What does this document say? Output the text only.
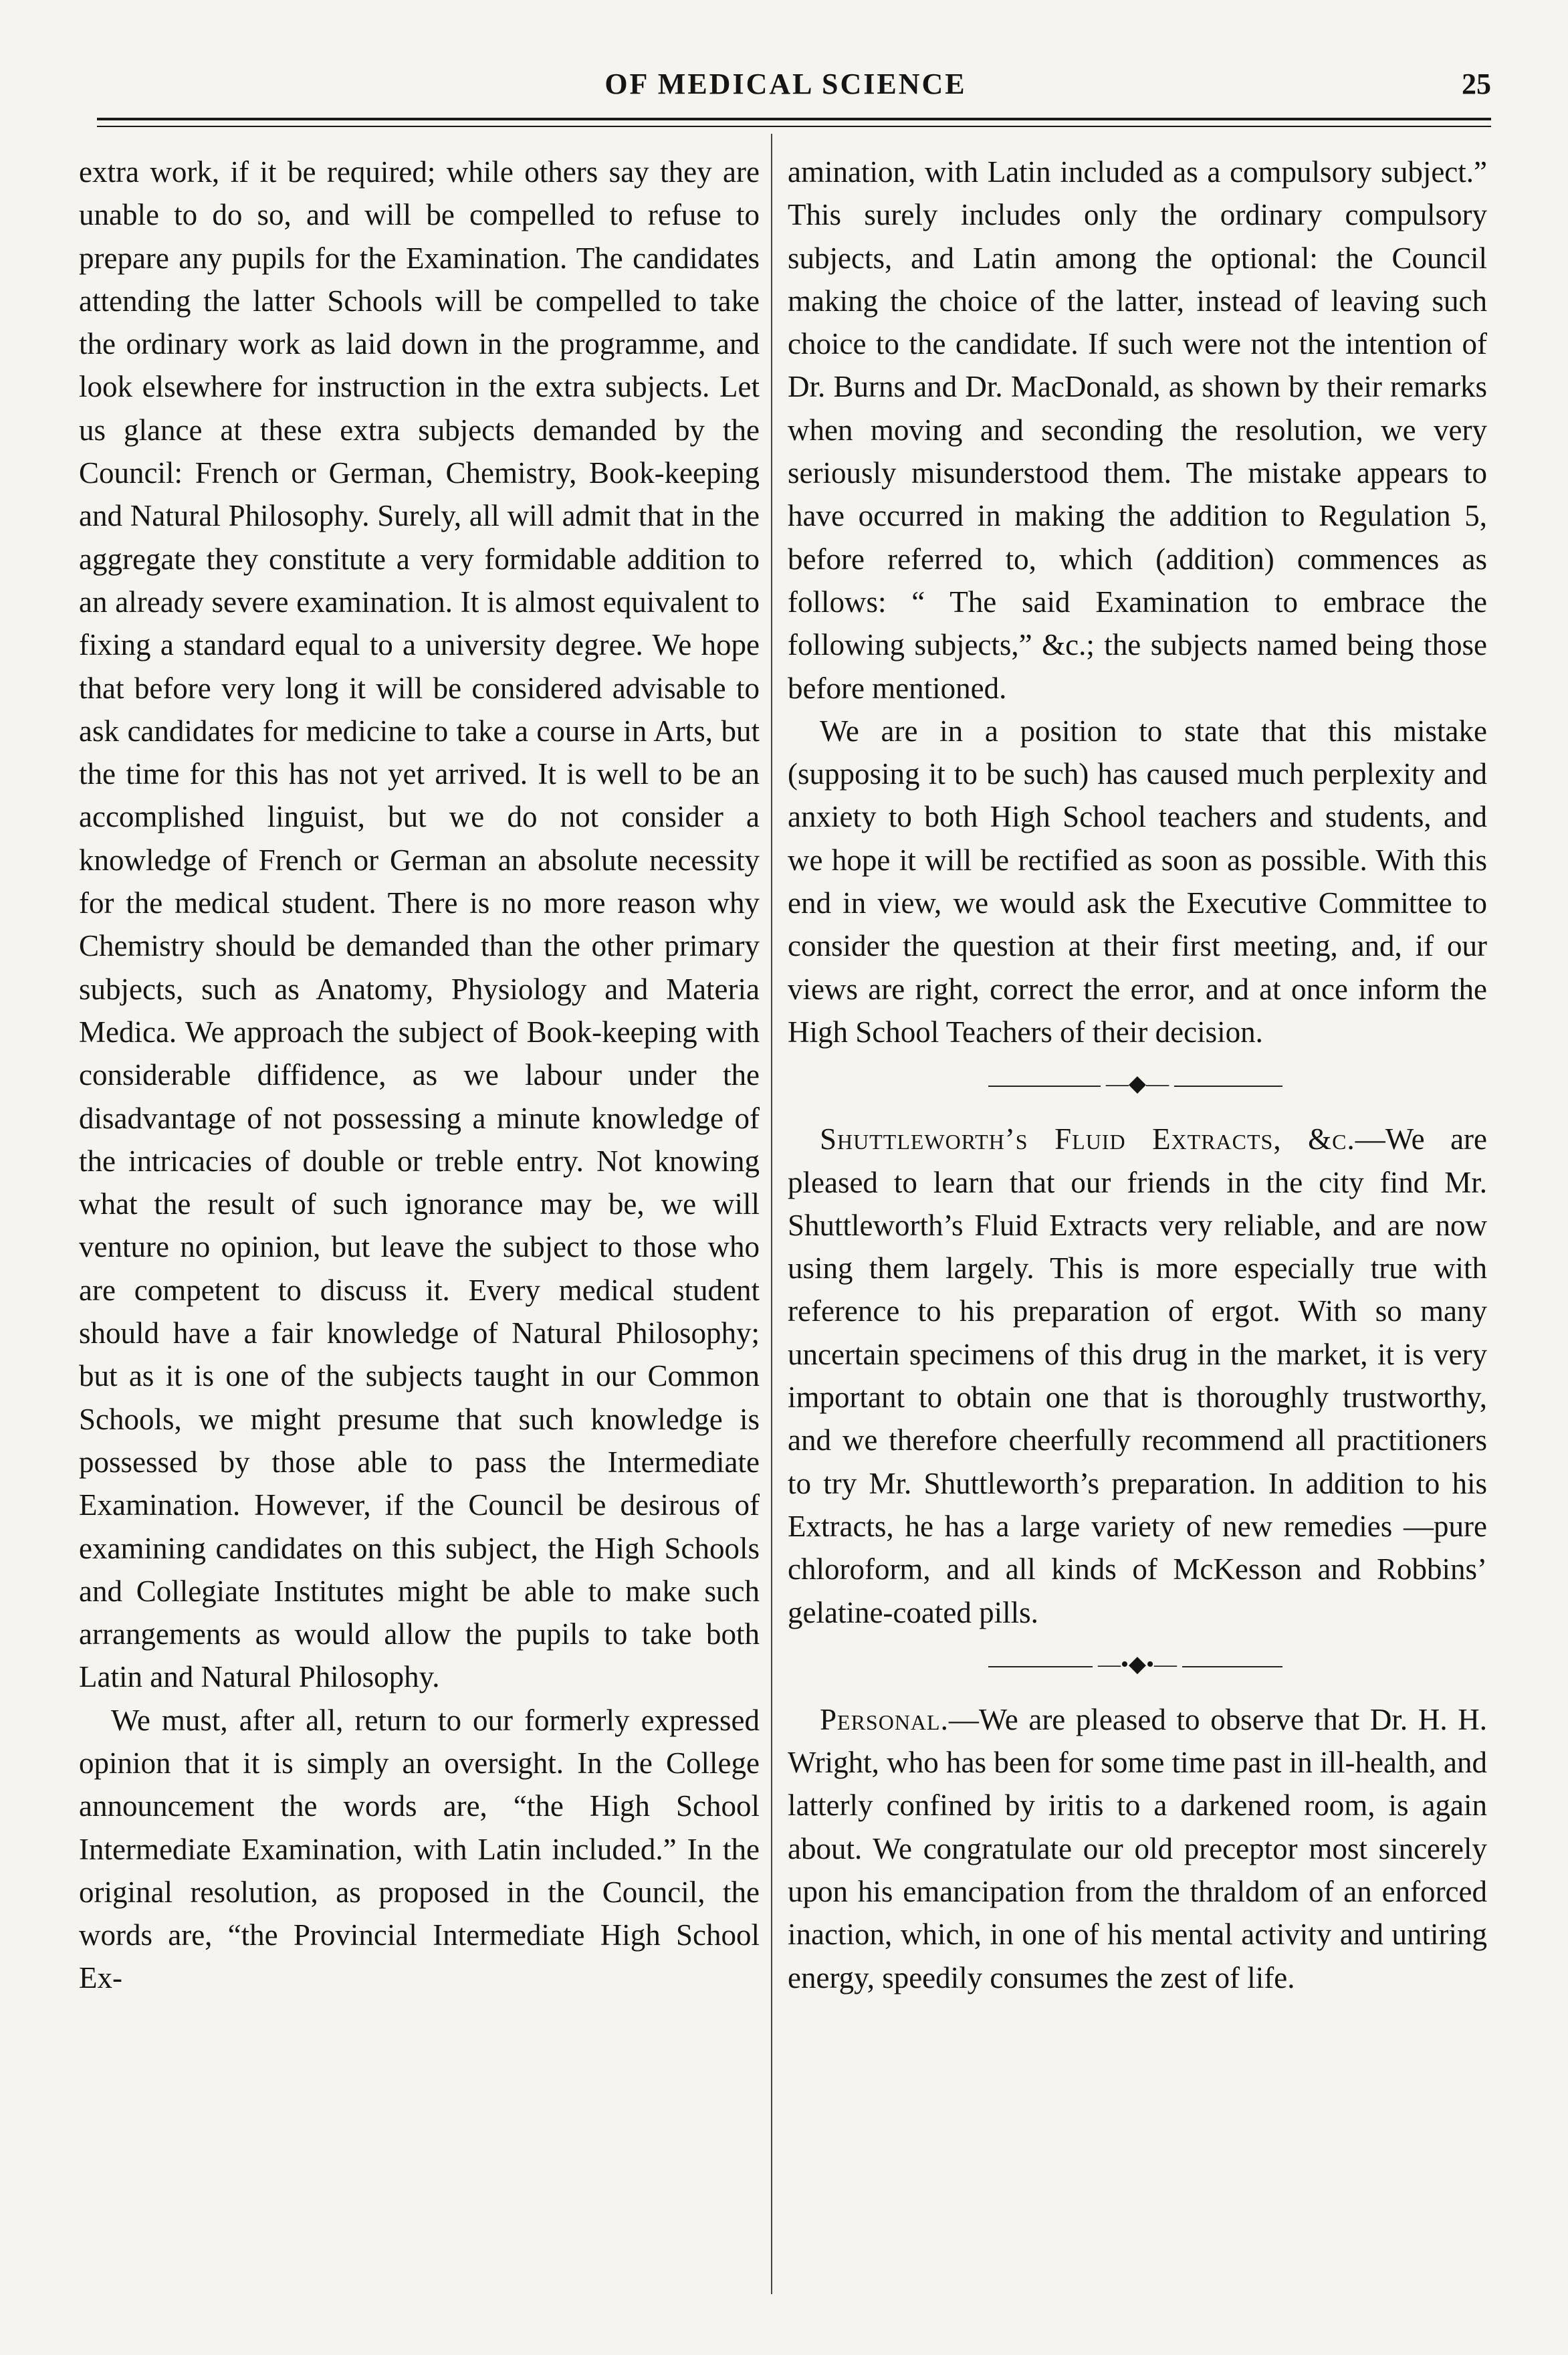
OF MEDICAL SCIENCE	25

extra work, if it be required; while others say they are unable to do so, and will be compelled to refuse to prepare any pupils for the Examination. The candidates attending the latter Schools will be compelled to take the ordinary work as laid down in the programme, and look elsewhere for instruction in the extra subjects. Let us glance at these extra subjects demanded by the Council: French or German, Chemistry, Book-keeping and Natural Philosophy. Surely, all will admit that in the aggregate they constitute a very formidable addition to an already severe examination. It is almost equivalent to fixing a standard equal to a university degree. We hope that before very long it will be considered advisable to ask candidates for medicine to take a course in Arts, but the time for this has not yet arrived. It is well to be an accomplished linguist, but we do not consider a knowledge of French or German an absolute necessity for the medical student. There is no more reason why Chemistry should be demanded than the other primary subjects, such as Anatomy, Physiology and Materia Medica. We approach the subject of Book-keeping with considerable diffidence, as we labour under the disadvantage of not possessing a minute knowledge of the intricacies of double or treble entry. Not knowing what the result of such ignorance may be, we will venture no opinion, but leave the subject to those who are competent to discuss it. Every medical student should have a fair knowledge of Natural Philosophy; but as it is one of the subjects taught in our Common Schools, we might presume that such knowledge is possessed by those able to pass the Intermediate Examination. However, if the Council be desirous of examining candidates on this subject, the High Schools and Collegiate Institutes might be able to make such arrangements as would allow the pupils to take both Latin and Natural Philosophy.

We must, after all, return to our formerly expressed opinion that it is simply an oversight. In the College announcement the words are, “the High School Intermediate Examination, with Latin included.” In the original resolution, as proposed in the Council, the words are, “the Provincial Intermediate High School Ex-

amination, with Latin included as a compulsory subject.” This surely includes only the ordinary compulsory subjects, and Latin among the optional: the Council making the choice of the latter, instead of leaving such choice to the candidate. If such were not the intention of Dr. Burns and Dr. MacDonald, as shown by their remarks when moving and seconding the resolution, we very seriously misunderstood them. The mistake appears to have occurred in making the addition to Regulation 5, before referred to, which (addition) commences as follows: “ The said Examination to embrace the following subjects,” &c.; the subjects named being those before mentioned.

We are in a position to state that this mistake (supposing it to be such) has caused much perplexity and anxiety to both High School teachers and students, and we hope it will be rectified as soon as possible. With this end in view, we would ask the Executive Committee to consider the question at their first meeting, and, if our views are right, correct the error, and at once inform the High School Teachers of their decision.

—◆—

Shuttleworth’s Fluid Extracts, &c.—We are pleased to learn that our friends in the city find Mr. Shuttleworth’s Fluid Extracts very reliable, and are now using them largely. This is more especially true with reference to his preparation of ergot. With so many uncertain specimens of this drug in the market, it is very important to obtain one that is thoroughly trustworthy, and we therefore cheerfully recommend all practitioners to try Mr. Shuttleworth’s preparation. In addition to his Extracts, he has a large variety of new remedies —pure chloroform, and all kinds of McKesson and Robbins’ gelatine-coated pills.

—•◆•—

Personal.—We are pleased to observe that Dr. H. H. Wright, who has been for some time past in ill-health, and latterly confined by iritis to a darkened room, is again about. We congratulate our old preceptor most sincerely upon his emancipation from the thraldom of an enforced inaction, which, in one of his mental activity and untiring energy, speedily consumes the zest of life.
